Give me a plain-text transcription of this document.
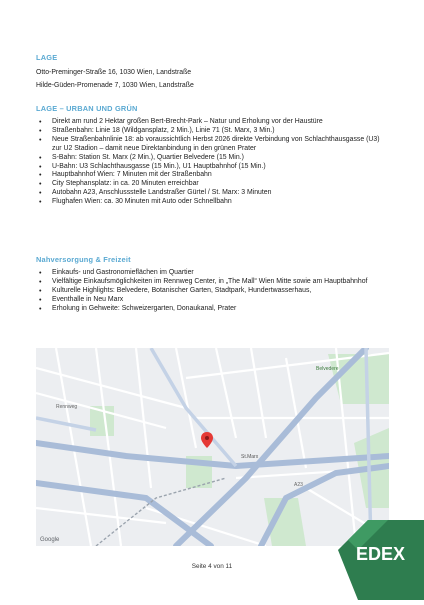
LAGE
Otto-Preminger-Straße 16, 1030 Wien, Landstraße
Hilde-Güden-Promenade 7, 1030 Wien, Landstraße
LAGE – URBAN UND GRÜN
• Direkt am rund 2 Hektar großen Bert-Brecht-Park – Natur und Erholung vor der Haustüre
• Straßenbahn: Linie 18 (Wildgansplatz, 2 Min.), Linie 71 (St. Marx, 3 Min.)
• Neue Straßenbahnlinie 18: ab voraussichtlich Herbst 2026 direkte Verbindung von Schlachthausgasse (U3) zur U2 Stadion – damit neue Direktanbindung in den grünen Prater
• S-Bahn: Station St. Marx (2 Min.), Quartier Belvedere (15 Min.)
• U-Bahn: U3 Schlachthausgasse (15 Min.), U1 Hauptbahnhof (15 Min.)
• Hauptbahnhof Wien: 7 Minuten mit der Straßenbahn
• City Stephansplatz: in ca. 20 Minuten erreichbar
• Autobahn A23, Anschlussstelle Landstraßer Gürtel / St. Marx: 3 Minuten
• Flughafen Wien: ca. 30 Minuten mit Auto oder Schnellbahn
Nahversorgung & Freizeit
• Einkaufs- und Gastronomieflächen im Quartier
• Vielfältige Einkaufsmöglichkeiten im Rennweg Center, in „The Mall“ Wien Mitte sowie am Hauptbahnhof
• Kulturelle Highlights: Belvedere, Botanischer Garten, Stadtpark, Hundertwasserhaus,
• Eventhalle in Neu Marx
• Erholung in Gehweite: Schweizergarten, Donaukanal, Prater
St.Marx
Rennweg
A23
Belvedere
Google
Seite 4 von 11
EDEX
